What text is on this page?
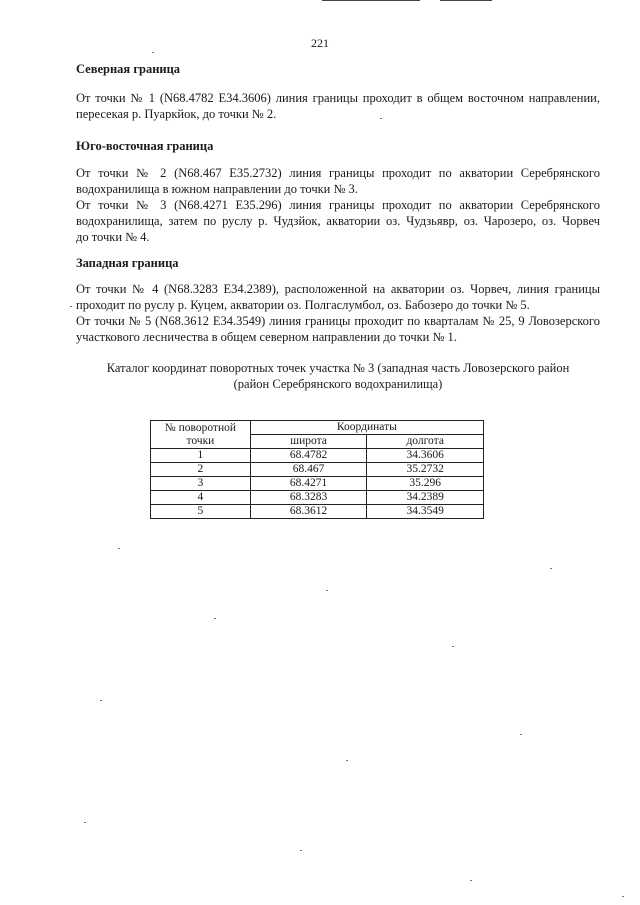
221
Северная граница
От точки № 1 (N68.4782 E34.3606) линия границы проходит в общем восточном направлении,
пересекая р. Пуаркйок, до точки № 2.
Юго-восточная граница
От точки № 2 (N68.467 E35.2732) линия границы проходит по акватории Серебрянского
водохранилища в южном направлении до точки № 3.
От точки № 3 (N68.4271 E35.296) линия границы проходит по акватории Серебрянского
водохранилища, затем по руслу р. Чудзйок, акватории оз. Чудзьявр, оз. Чарозеро, оз. Чорвеч
до точки № 4.
Западная граница
От точки № 4 (N68.3283 E34.2389), расположенной на акватории оз. Чорвеч, линия границы
проходит по руслу р. Куцем, акватории оз. Полгаслумбол, оз. Бабозеро до точки № 5.
От точки № 5 (N68.3612 E34.3549) линия границы проходит по кварталам № 25, 9 Ловозерского
участкового лесничества в общем северном направлении до точки № 1.
Каталог координат поворотных точек участка № 3 (западная часть Ловозерского район
(район Серебрянского водохранилища)
№ поворотной
точки	Координаты	
	широта	долгота
1	68.4782	34.3606
2	68.467	35.2732
3	68.4271	35.296
4	68.3283	34.2389
5	68.3612	34.3549
